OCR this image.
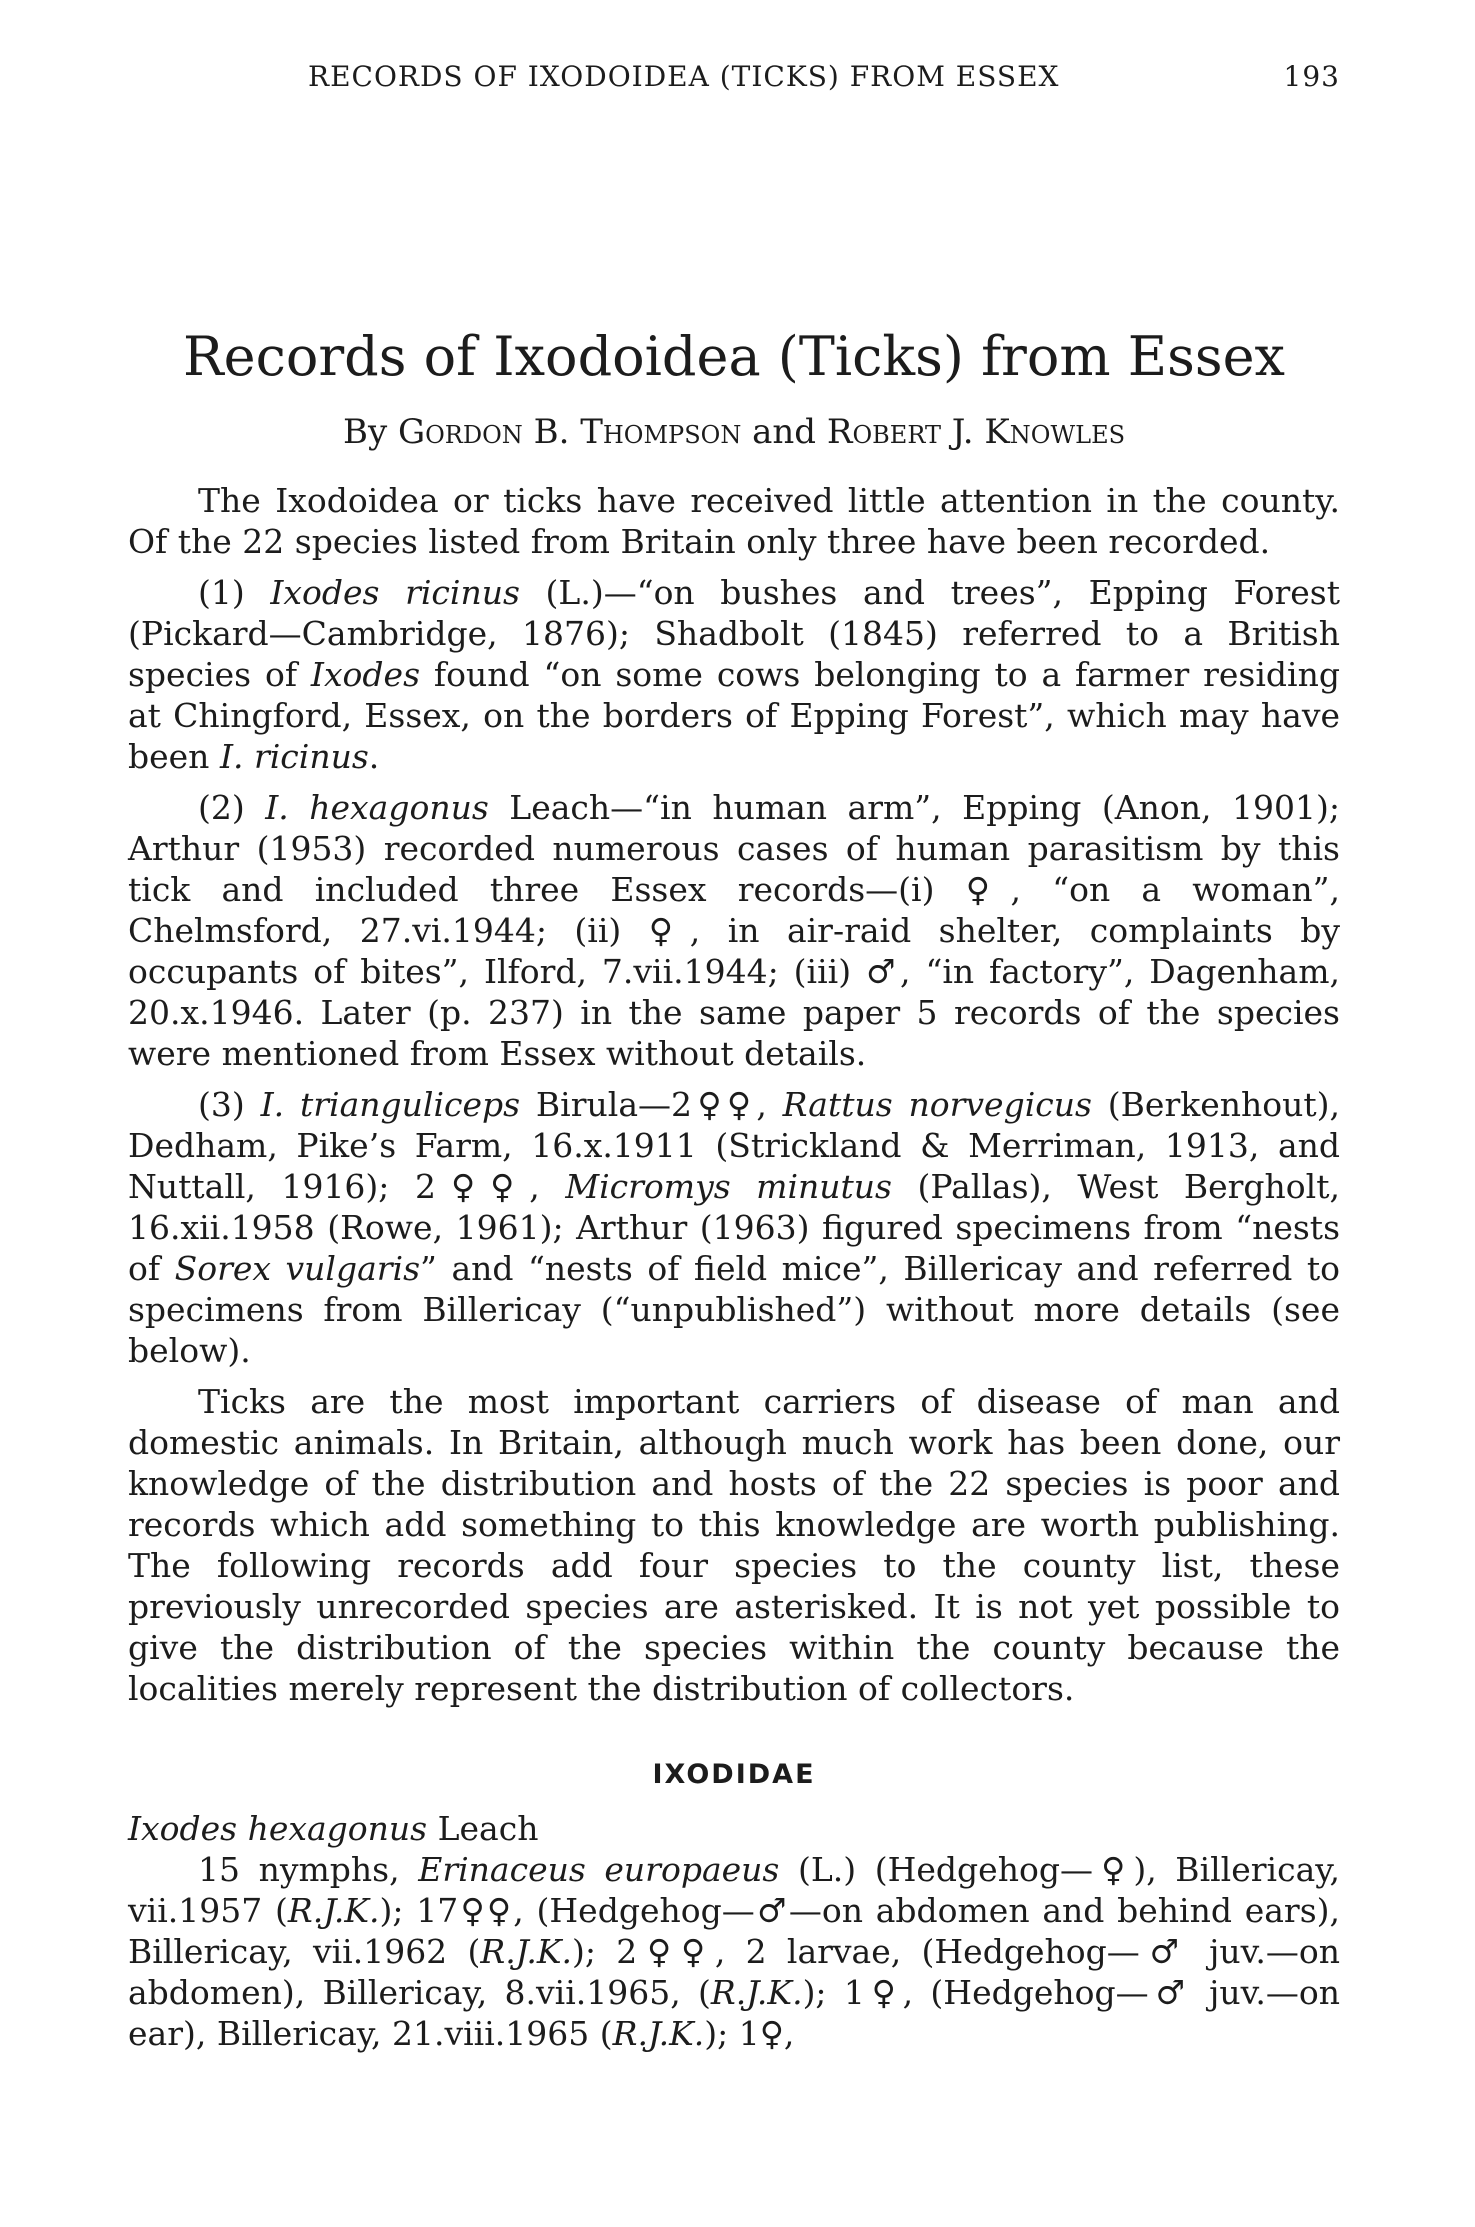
RECORDS OF IXODOIDEA (TICKS) FROM ESSEX	193
Records of Ixodoidea (Ticks) from Essex
By Gordon B. Thompson and Robert J. Knowles

The Ixodoidea or ticks have received little attention in the county. Of the 22 species listed from Britain only three have been recorded.

(1) Ixodes ricinus (L.)—“on bushes and trees”, Epping Forest (Pickard—Cambridge, 1876); Shadbolt (1845) referred to a British species of Ixodes found “on some cows belonging to a farmer residing at Chingford, Essex, on the borders of Epping Forest”, which may have been I. ricinus.

(2) I. hexagonus Leach—“in human arm”, Epping (Anon, 1901); Arthur (1953) recorded numerous cases of human parasitism by this tick and included three Essex records—(i) ♀, “on a woman”, Chelmsford, 27.vi.1944; (ii) ♀, in air-raid shelter, complaints by occupants of bites”, Ilford, 7.vii.1944; (iii) ♂, “in factory”, Dagenham, 20.x.1946. Later (p. 237) in the same paper 5 records of the species were mentioned from Essex without details.

(3) I. trianguliceps Birula—2♀♀, Rattus norvegicus (Berkenhout), Dedham, Pike’s Farm, 16.x.1911 (Strickland & Merriman, 1913, and Nuttall, 1916); 2♀♀, Micromys minutus (Pallas), West Bergholt, 16.xii.1958 (Rowe, 1961); Arthur (1963) figured specimens from “nests of Sorex vulgaris” and “nests of field mice”, Billericay and referred to specimens from Billericay (“unpublished”) without more details (see below).

Ticks are the most important carriers of disease of man and domestic animals. In Britain, although much work has been done, our knowledge of the distribution and hosts of the 22 species is poor and records which add something to this knowledge are worth publishing. The following records add four species to the county list, these previously unrecorded species are asterisked. It is not yet possible to give the distribution of the species within the county because the localities merely represent the distribution of collectors.

IXODIDAE

Ixodes hexagonus Leach

15 nymphs, Erinaceus europaeus (L.) (Hedgehog—♀), Billericay, vii.1957 (R.J.K.); 17♀♀, (Hedgehog—♂—on abdomen and behind ears), Billericay, vii.1962 (R.J.K.); 2♀♀, 2 larvae, (Hedgehog—♂ juv.—on abdomen), Billericay, 8.vii.1965, (R.J.K.); 1♀, (Hedgehog—♂ juv.—on ear), Billericay, 21.viii.1965 (R.J.K.); 1♀,
